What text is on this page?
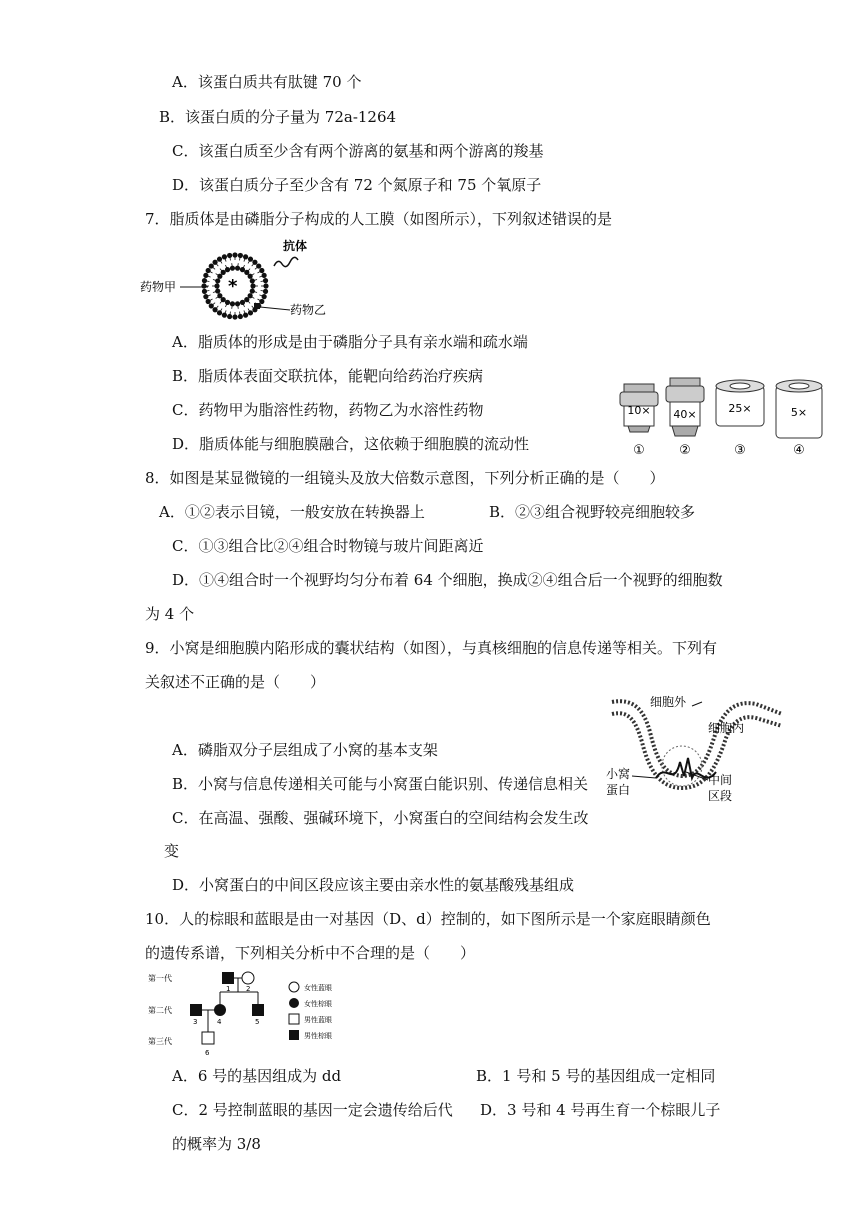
A．该蛋白质共有肽键 70 个
B．该蛋白质的分子量为 72a-1264
C．该蛋白质至少含有两个游离的氨基和两个游离的羧基
D．该蛋白质分子至少含有 72 个氮原子和 75 个氧原子
7．脂质体是由磷脂分子构成的人工膜（如图所示），下列叙述错误的是
药物甲
抗体
药物乙
*
A．脂质体的形成是由于磷脂分子具有亲水端和疏水端
B．脂质体表面交联抗体，能靶向给药治疗疾病
C．药物甲为脂溶性药物，药物乙为水溶性药物
D．脂质体能与细胞膜融合，这依赖于细胞膜的流动性
10×
①
40×
②
25×
③
5×
④
8．如图是某显微镜的一组镜头及放大倍数示意图，下列分析正确的是（　　）
A．①②表示目镜，一般安放在转换器上	B．②③组合视野较亮细胞较多
C．①③组合比②④组合时物镜与玻片间距离近
D．①④组合时一个视野均匀分布着 64 个细胞，换成②④组合后一个视野的细胞数
为 4 个
9．小窝是细胞膜内陷形成的囊状结构（如图），与真核细胞的信息传递等相关。下列有
关叙述不正确的是（　　）
细胞外
细胞内
小窝
蛋白
中间
区段
A．磷脂双分子层组成了小窝的基本支架
B．小窝与信息传递相关可能与小窝蛋白能识别、传递信息相关
C．在高温、强酸、强碱环境下，小窝蛋白的空间结构会发生改
变
D．小窝蛋白的中间区段应该主要由亲水性的氨基酸残基组成
10．人的棕眼和蓝眼是由一对基因（D、d）控制的，如下图所示是一个家庭眼睛颜色
的遗传系谱，下列相关分析中不合理的是（　　）
第一代
第二代
第三代
1 2
3	4	5
6
女性蓝眼
女性棕眼
男性蓝眼
男性棕眼
A．6 号的基因组成为 dd	B．1 号和 5 号的基因组成一定相同
C．2 号控制蓝眼的基因一定会遗传给后代 D．3 号和 4 号再生育一个棕眼儿子
的概率为 3/8
